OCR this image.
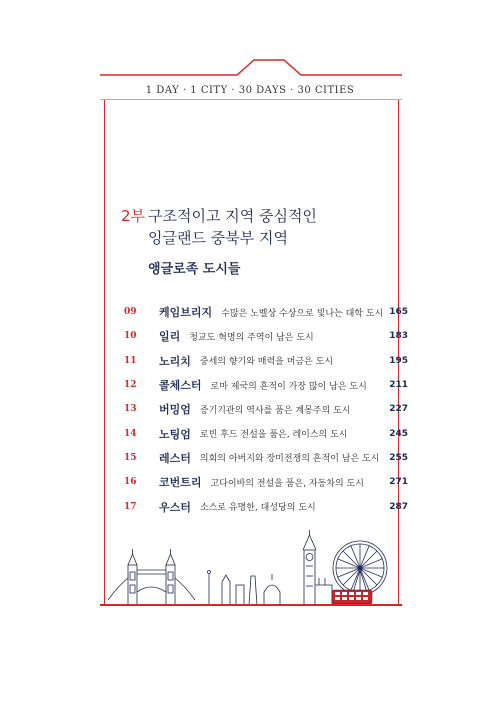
1 DAY · 1 CITY · 30 DAYS · 30 CITIES
2부 구조적이고 지역 중심적인
잉글랜드 중북부 지역
앵글로족 도시들
09	케임브리지 수많은 노벨상 수상으로 빛나는 대학 도시 165
10	일리 청교도 혁명의 주역이 남은 도시	183
11	노리치 중세의 향기와 매력을 머금은 도시	195
12	콜체스터 로마 제국의 흔적이 가장 많이 남은 도시	211
13	버밍엄 증기기관의 역사를 품은 계몽주의 도시	227
14	노팅엄 로빈 후드 전설을 품은, 레이스의 도시	245
15	레스터 의회의 아버지와 장미전쟁의 흔적이 남은 도시	255
16	코번트리 고다이바의 전설을 품은, 자동차의 도시	271
17	우스터 소스로 유명한, 대성당의 도시	287
